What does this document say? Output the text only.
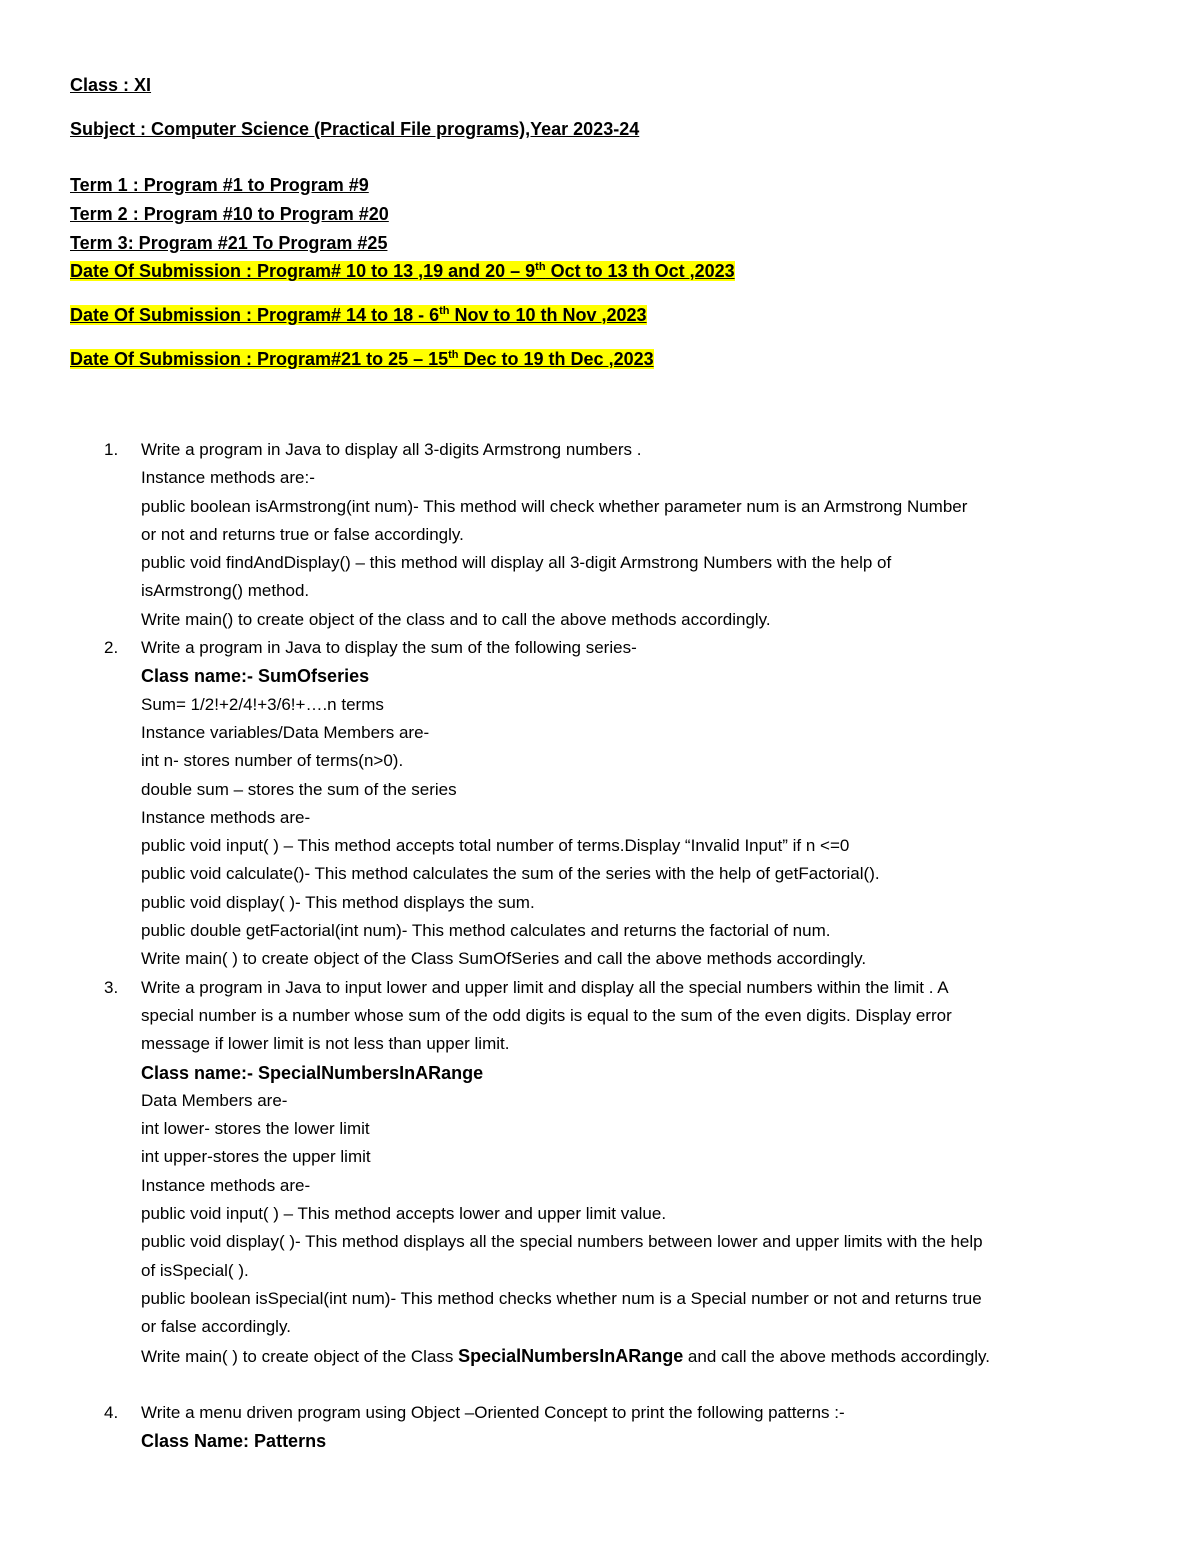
Class : XI

Subject : Computer Science (Practical File programs),Year 2023-24

Term 1 : Program #1 to Program #9

Term 2 : Program #10 to Program #20

Term 3: Program #21 To Program #25

Date Of Submission : Program# 10 to 13 ,19 and 20 – 9th Oct to 13 th Oct ,2023

Date Of Submission : Program# 14 to 18 - 6th Nov to 10 th Nov ,2023

Date Of Submission : Program#21 to 25 – 15th Dec to 19 th Dec ,2023

1. Write a program in Java to display all 3-digits Armstrong numbers .
Instance methods are:-
public boolean isArmstrong(int num)- This method will check whether parameter num is an Armstrong Number
or not and returns true or false accordingly.
public void findAndDisplay() – this method will display all 3-digit Armstrong Numbers with the help of
isArmstrong() method.
Write main() to create object of the class and to call the above methods accordingly.
2. Write a program in Java to display the sum of the following series-
Class name:- SumOfseries
Sum= 1/2!+2/4!+3/6!+….n terms
Instance variables/Data Members are-
int n- stores number of terms(n>0).
double sum – stores the sum of the series
Instance methods are-
public void input( ) – This method accepts total number of terms.Display “Invalid Input” if n <=0
public void calculate()- This method calculates the sum of the series with the help of getFactorial().
public void display( )- This method displays the sum.
public double getFactorial(int num)- This method calculates and returns the factorial of num.
Write main( ) to create object of the Class SumOfSeries and call the above methods accordingly.
3. Write a program in Java to input lower and upper limit and display all the special numbers within the limit . A
special number is a number whose sum of the odd digits is equal to the sum of the even digits. Display error
message if lower limit is not less than upper limit.
Class name:- SpecialNumbersInARange
Data Members are-
int lower- stores the lower limit
int upper-stores the upper limit
Instance methods are-
public void input( ) – This method accepts lower and upper limit value.
public void display( )- This method displays all the special numbers between lower and upper limits with the help
of isSpecial( ).
public boolean isSpecial(int num)- This method checks whether num is a Special number or not and returns true
or false accordingly.
Write main( ) to create object of the Class SpecialNumbersInARange and call the above methods accordingly.
4. Write a menu driven program using Object –Oriented Concept to print the following patterns :-
Class Name: Patterns
